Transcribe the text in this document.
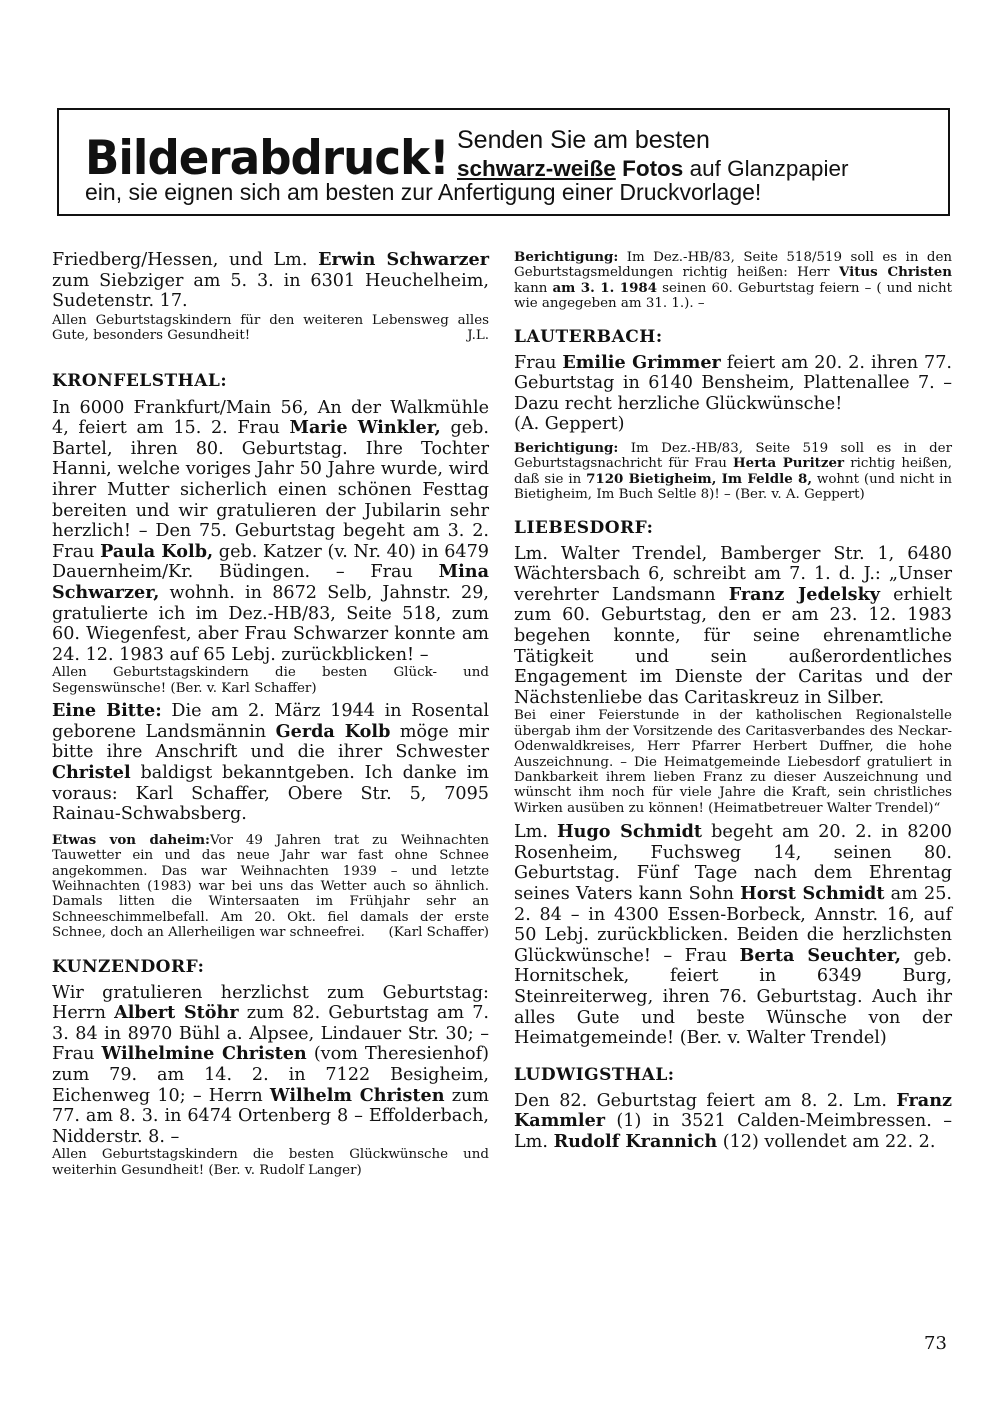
Bilderabdruck! Senden Sie am besten
schwarz-weiße Fotos auf Glanzpapier
ein, sie eignen sich am besten zur Anfertigung einer Druckvorlage!

Friedberg/Hessen, und Lm. Erwin Schwarzer zum Siebziger am 5. 3. in 6301 Heuchelheim, Sudetenstr. 17.

Allen Geburtstagskindern für den weiteren Lebensweg alles Gute, besonders Gesundheit!	J.L.

KRONFELSTHAL:

In 6000 Frankfurt/Main 56, An der Walkmühle 4, feiert am 15. 2. Frau Marie Winkler, geb. Bartel, ihren 80. Geburtstag. Ihre Tochter Hanni, welche voriges Jahr 50 Jahre wurde, wird ihrer Mutter sicherlich einen schönen Festtag bereiten und wir gratulieren der Jubilarin sehr herzlich! – Den 75. Geburtstag begeht am 3. 2. Frau Paula Kolb, geb. Katzer (v. Nr. 40) in 6479 Dauernheim/Kr. Büdingen. – Frau Mina Schwarzer, wohnh. in 8672 Selb, Jahnstr. 29, gratulierte ich im Dez.-HB/83, Seite 518, zum 60. Wiegenfest, aber Frau Schwarzer konnte am 24. 12. 1983 auf 65 Lebj. zurückblicken! –

Allen Geburtstagskindern die besten Glück- und Segenswünsche! (Ber. v. Karl Schaffer)

Eine Bitte: Die am 2. März 1944 in Rosental geborene Landsmännin Gerda Kolb möge mir bitte ihre Anschrift und die ihrer Schwester Christel baldigst bekanntgeben. Ich danke im voraus: Karl Schaffer, Obere Str. 5, 7095 Rainau-Schwabsberg.

Etwas von daheim:Vor 49 Jahren trat zu Weihnachten Tauwetter ein und das neue Jahr war fast ohne Schnee angekommen. Das war Weihnachten 1939 – und letzte Weihnachten (1983) war bei uns das Wetter auch so ähnlich. Damals litten die Wintersaaten im Frühjahr sehr an Schneeschimmelbefall. Am 20. Okt. fiel damals der erste Schnee, doch an Allerheiligen war schneefrei. (Karl Schaffer)

KUNZENDORF:

Wir gratulieren herzlichst zum Geburtstag: Herrn Albert Stöhr zum 82. Geburtstag am 7. 3. 84 in 8970 Bühl a. Alpsee, Lindauer Str. 30; – Frau Wilhelmine Christen (vom Theresienhof) zum 79. am 14. 2. in 7122 Besigheim, Eichenweg 10; – Herrn Wilhelm Christen zum 77. am 8. 3. in 6474 Ortenberg 8 – Effolderbach, Nidderstr. 8. –

Allen Geburtstagskindern die besten Glückwünsche und weiterhin Gesundheit! (Ber. v. Rudolf Langer)

Berichtigung: Im Dez.-HB/83, Seite 518/519 soll es in den Geburtstagsmeldungen richtig heißen: Herr Vitus Christen kann am 3. 1. 1984 seinen 60. Geburtstag feiern – ( und nicht wie angegeben am 31. 1.). –

LAUTERBACH:

Frau Emilie Grimmer feiert am 20. 2. ihren 77. Geburtstag in 6140 Bensheim, Plattenallee 7. – Dazu recht herzliche Glückwünsche!

(A. Geppert)

Berichtigung: Im Dez.-HB/83, Seite 519 soll es in der Geburtstagsnachricht für Frau Herta Puritzer richtig heißen, daß sie in 7120 Bietigheim, Im Feldle 8, wohnt (und nicht in Bietigheim, Im Buch Seltle 8)! – (Ber. v. A. Geppert)

LIEBESDORF:

Lm. Walter Trendel, Bamberger Str. 1, 6480 Wächtersbach 6, schreibt am 7. 1. d. J.: „Unser verehrter Landsmann Franz Jedelsky erhielt zum 60. Geburtstag, den er am 23. 12. 1983 begehen konnte, für seine ehrenamtliche Tätigkeit und sein außerordentliches Engagement im Dienste der Caritas und der Nächstenliebe das Caritaskreuz in Silber.

Bei einer Feierstunde in der katholischen Regionalstelle übergab ihm der Vorsitzende des Caritasverbandes des Neckar-Odenwaldkreises, Herr Pfarrer Herbert Duffner, die hohe Auszeichnung. – Die Heimatgemeinde Liebesdorf gratuliert in Dankbarkeit ihrem lieben Franz zu dieser Auszeichnung und wünscht ihm noch für viele Jahre die Kraft, sein christliches Wirken ausüben zu können! (Heimatbetreuer Walter Trendel)“

Lm. Hugo Schmidt begeht am 20. 2. in 8200 Rosenheim, Fuchsweg 14, seinen 80. Geburtstag. Fünf Tage nach dem Ehrentag seines Vaters kann Sohn Horst Schmidt am 25. 2. 84 – in 4300 Essen-Borbeck, Annstr. 16, auf 50 Lebj. zurückblicken. Beiden die herzlichsten Glückwünsche! – Frau Berta Seuchter, geb. Hornitschek, feiert in 6349 Burg, Steinreiterweg, ihren 76. Geburtstag. Auch ihr alles Gute und beste Wünsche von der Heimatgemeinde! (Ber. v. Walter Trendel)

LUDWIGSTHAL:

Den 82. Geburtstag feiert am 8. 2. Lm. Franz Kammler (1) in 3521 Calden-Meimbressen. – Lm. Rudolf Krannich (12) vollendet am 22. 2.

73
